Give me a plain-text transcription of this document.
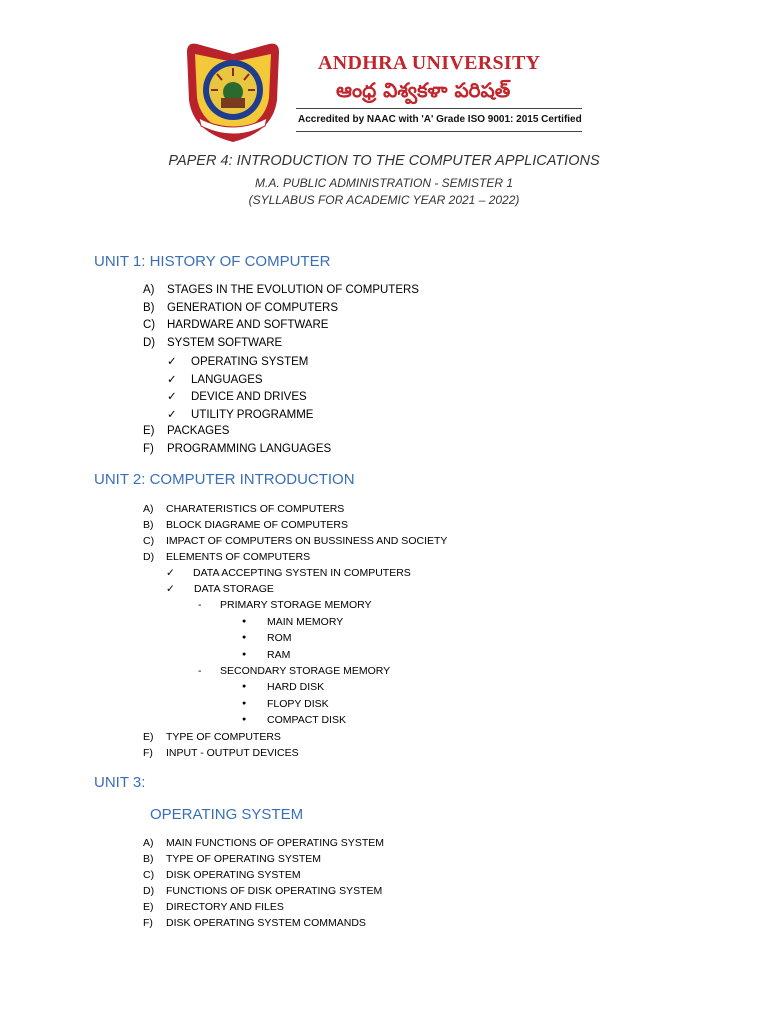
ANDHRA UNIVERSITY
ఆంధ్ర విశ్వకళా పరిషత్
Accredited by NAAC with 'A' Grade ISO 9001: 2015 Certified
PAPER 4: INTRODUCTION TO THE COMPUTER APPLICATIONS
M.A. PUBLIC ADMINISTRATION - SEMISTER 1
(SYLLABUS FOR ACADEMIC YEAR 2021 – 2022)
UNIT 1: HISTORY OF COMPUTER
A) STAGES IN THE EVOLUTION OF COMPUTERS
B) GENERATION OF COMPUTERS
C) HARDWARE AND SOFTWARE
D) SYSTEM SOFTWARE
✓ OPERATING SYSTEM
✓ LANGUAGES
✓ DEVICE AND DRIVES
✓ UTILITY PROGRAMME
E) PACKAGES
F) PROGRAMMING LANGUAGES
UNIT 2: COMPUTER INTRODUCTION
A) CHARATERISTICS OF COMPUTERS
B) BLOCK DIAGRAME OF COMPUTERS
C) IMPACT OF COMPUTERS ON BUSSINESS AND SOCIETY
D) ELEMENTS OF COMPUTERS
✓ DATA ACCEPTING SYSTEN IN COMPUTERS
✓ DATA STORAGE
- PRIMARY STORAGE MEMORY
● MAIN MEMORY
● ROM
● RAM
- SECONDARY STORAGE MEMORY
● HARD DISK
● FLOPY DISK
● COMPACT DISK
E) TYPE OF COMPUTERS
F) INPUT - OUTPUT DEVICES
UNIT 3:
OPERATING SYSTEM
A) MAIN FUNCTIONS OF OPERATING SYSTEM
B) TYPE OF OPERATING SYSTEM
C) DISK OPERATING SYSTEM
D) FUNCTIONS OF DISK OPERATING SYSTEM
E) DIRECTORY AND FILES
F) DISK OPERATING SYSTEM COMMANDS
